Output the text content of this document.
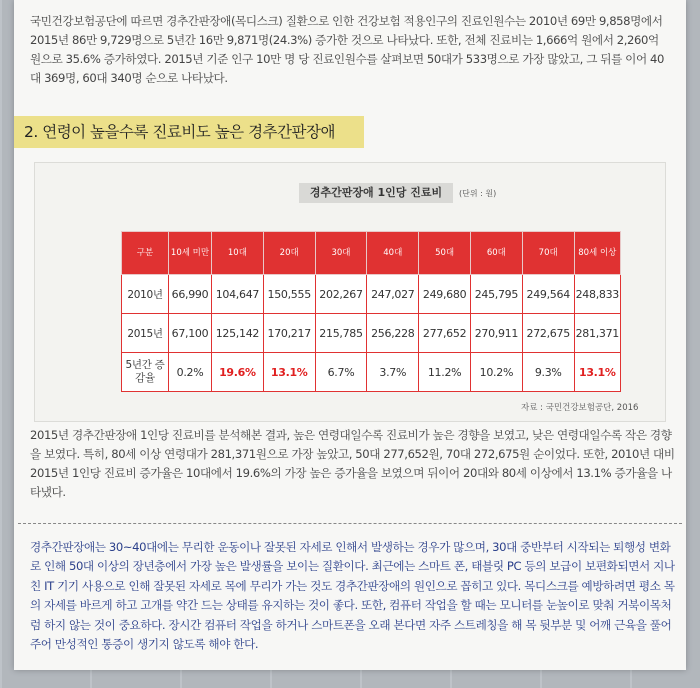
국민건강보험공단에 따르면 경추간판장애(목디스크) 질환으로 인한 건강보험 적용인구의 진료인원수는 2010년 69만 9,858명에서 2015년 86만 9,729명으로 5년간 16만 9,871명(24.3%) 증가한 것으로 나타났다. 또한, 전체 진료비는 1,666억 원에서 2,260억 원으로 35.6% 증가하였다. 2015년 기준 인구 10만 명 당 진료인원수를 살펴보면 50대가 533명으로 가장 많았고, 그 뒤를 이어 40대 369명, 60대 340명 순으로 나타났다.

2. 연령이 높을수록 진료비도 높은 경추간판장애
경추간판장애 1인당 진료비	(단위 : 원)
구분	10세 미만	10대	20대	30대	40대	50대	60대	70대	80세 이상
2010년	66,990	104,647	150,555	202,267	247,027	249,680	245,795	249,564	248,833
2015년	67,100	125,142	170,217	215,785	256,228	277,652	270,911	272,675	281,371
5년간 증감율	0.2%	19.6%	13.1%	6.7%	3.7%	11.2%	10.2%	9.3%	13.1%
자료 : 국민건강보험공단, 2016

2015년 경추간판장애 1인당 진료비를 분석해본 결과, 높은 연령대일수록 진료비가 높은 경향을 보였고, 낮은 연령대일수록 작은 경향을 보였다. 특히, 80세 이상 연령대가 281,371원으로 가장 높았고, 50대 277,652원, 70대 272,675원 순이었다. 또한, 2010년 대비 2015년 1인당 진료비 증가율은 10대에서 19.6%의 가장 높은 증가율을 보였으며 뒤이어 20대와 80세 이상에서 13.1% 증가율을 나타냈다.

경추간판장애는 30~40대에는 무리한 운동이나 잘못된 자세로 인해서 발생하는 경우가 많으며, 30대 중반부터 시작되는 퇴행성 변화로 인해 50대 이상의 장년층에서 가장 높은 발생률을 보이는 질환이다. 최근에는 스마트 폰, 태블릿 PC 등의 보급이 보편화되면서 지나친 IT 기기 사용으로 인해 잘못된 자세로 목에 무리가 가는 것도 경추간판장애의 원인으로 꼽히고 있다. 목디스크를 예방하려면 평소 목의 자세를 바르게 하고 고개를 약간 드는 상태를 유지하는 것이 좋다. 또한, 컴퓨터 작업을 할 때는 모니터를 눈높이로 맞춰 거북이목처럼 하지 않는 것이 중요하다. 장시간 컴퓨터 작업을 하거나 스마트폰을 오래 본다면 자주 스트레칭을 해 목 뒷부분 및 어깨 근육을 풀어주어 만성적인 통증이 생기지 않도록 해야 한다.
